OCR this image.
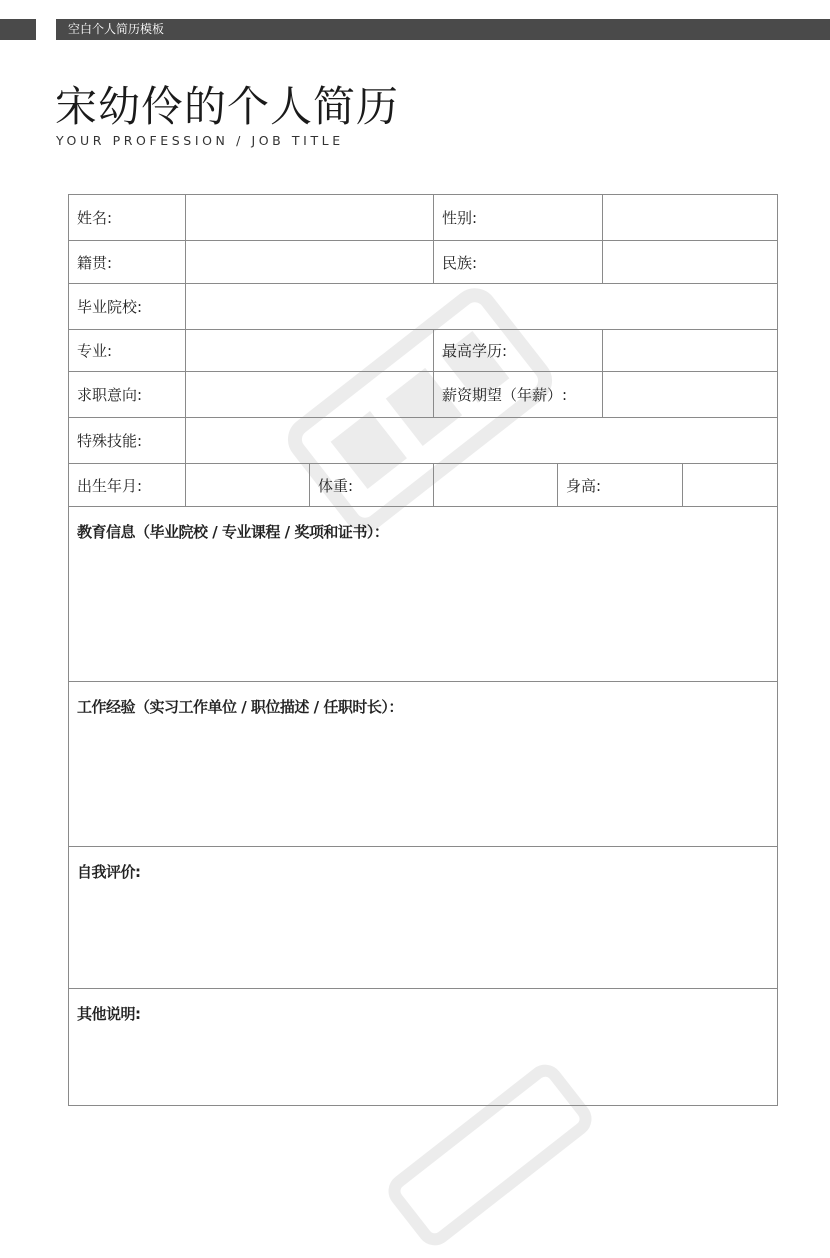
空白个人简历模板
宋幼伶的个人简历
YOUR PROFESSION / JOB TITLE
姓名:			性别:			
籍贯:			民族:			
毕业院校:						
专业:			最高学历:			
求职意向:			薪资期望（年薪）:			
特殊技能:						
出生年月:		体重:		身高:		
教育信息（毕业院校 / 专业课程 / 奖项和证书）：						
工作经验（实习工作单位 / 职位描述 / 任职时长）：						
自我评价:						
其他说明:						
